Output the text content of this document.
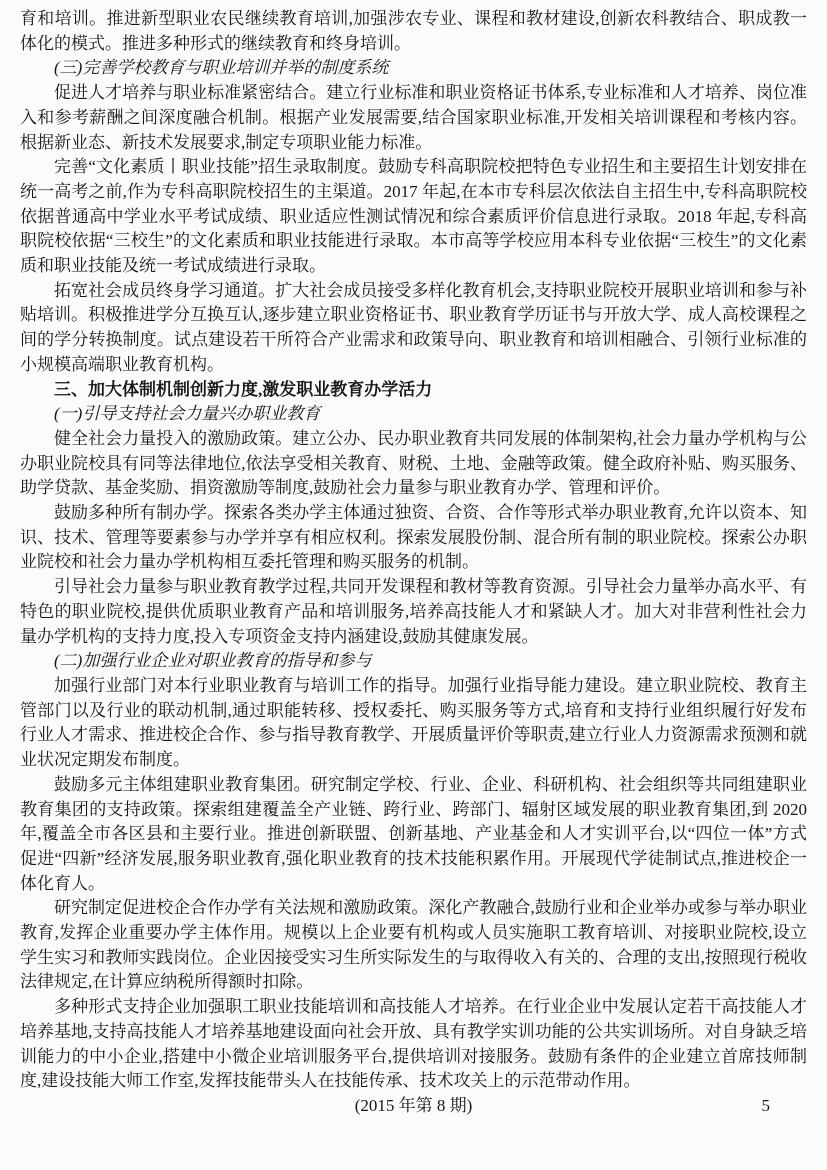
育和培训。推进新型职业农民继续教育培训,加强涉农专业、课程和教材建设,创新农科教结合、职成教一体化的模式。推进多种形式的继续教育和终身培训。

(三)完善学校教育与职业培训并举的制度系统

促进人才培养与职业标准紧密结合。建立行业标准和职业资格证书体系,专业标准和人才培养、岗位准入和参考薪酬之间深度融合机制。根据产业发展需要,结合国家职业标准,开发相关培训课程和考核内容。根据新业态、新技术发展要求,制定专项职业能力标准。

完善“文化素质丨职业技能”招生录取制度。鼓励专科高职院校把特色专业招生和主要招生计划安排在统一高考之前,作为专科高职院校招生的主渠道。2017 年起,在本市专科层次依法自主招生中,专科高职院校依据普通高中学业水平考试成绩、职业适应性测试情况和综合素质评价信息进行录取。2018 年起,专科高职院校依据“三校生”的文化素质和职业技能进行录取。本市高等学校应用本科专业依据“三校生”的文化素质和职业技能及统一考试成绩进行录取。

拓宽社会成员终身学习通道。扩大社会成员接受多样化教育机会,支持职业院校开展职业培训和参与补贴培训。积极推进学分互换互认,逐步建立职业资格证书、职业教育学历证书与开放大学、成人高校课程之间的学分转换制度。试点建设若干所符合产业需求和政策导向、职业教育和培训相融合、引领行业标准的小规模高端职业教育机构。

三、加大体制机制创新力度,激发职业教育办学活力

(一)引导支持社会力量兴办职业教育

健全社会力量投入的激励政策。建立公办、民办职业教育共同发展的体制架构,社会力量办学机构与公办职业院校具有同等法律地位,依法享受相关教育、财税、土地、金融等政策。健全政府补贴、购买服务、助学贷款、基金奖励、捐资激励等制度,鼓励社会力量参与职业教育办学、管理和评价。

鼓励多种所有制办学。探索各类办学主体通过独资、合资、合作等形式举办职业教育,允许以资本、知识、技术、管理等要素参与办学并享有相应权利。探索发展股份制、混合所有制的职业院校。探索公办职业院校和社会力量办学机构相互委托管理和购买服务的机制。

引导社会力量参与职业教育教学过程,共同开发课程和教材等教育资源。引导社会力量举办高水平、有特色的职业院校,提供优质职业教育产品和培训服务,培养高技能人才和紧缺人才。加大对非营利性社会力量办学机构的支持力度,投入专项资金支持内涵建设,鼓励其健康发展。

(二)加强行业企业对职业教育的指导和参与

加强行业部门对本行业职业教育与培训工作的指导。加强行业指导能力建设。建立职业院校、教育主管部门以及行业的联动机制,通过职能转移、授权委托、购买服务等方式,培育和支持行业组织履行好发布行业人才需求、推进校企合作、参与指导教育教学、开展质量评价等职责,建立行业人力资源需求预测和就业状况定期发布制度。

鼓励多元主体组建职业教育集团。研究制定学校、行业、企业、科研机构、社会组织等共同组建职业教育集团的支持政策。探索组建覆盖全产业链、跨行业、跨部门、辐射区域发展的职业教育集团,到 2020 年,覆盖全市各区县和主要行业。推进创新联盟、创新基地、产业基金和人才实训平台,以“四位一体”方式促进“四新”经济发展,服务职业教育,强化职业教育的技术技能积累作用。开展现代学徒制试点,推进校企一体化育人。

研究制定促进校企合作办学有关法规和激励政策。深化产教融合,鼓励行业和企业举办或参与举办职业教育,发挥企业重要办学主体作用。规模以上企业要有机构或人员实施职工教育培训、对接职业院校,设立学生实习和教师实践岗位。企业因接受实习生所实际发生的与取得收入有关的、合理的支出,按照现行税收法律规定,在计算应纳税所得额时扣除。

多种形式支持企业加强职工职业技能培训和高技能人才培养。在行业企业中发展认定若干高技能人才培养基地,支持高技能人才培养基地建设面向社会开放、具有教学实训功能的公共实训场所。对自身缺乏培训能力的中小企业,搭建中小微企业培训服务平台,提供培训对接服务。鼓励有条件的企业建立首席技师制度,建设技能大师工作室,发挥技能带头人在技能传承、技术攻关上的示范带动作用。

(2015 年第 8 期)	5
